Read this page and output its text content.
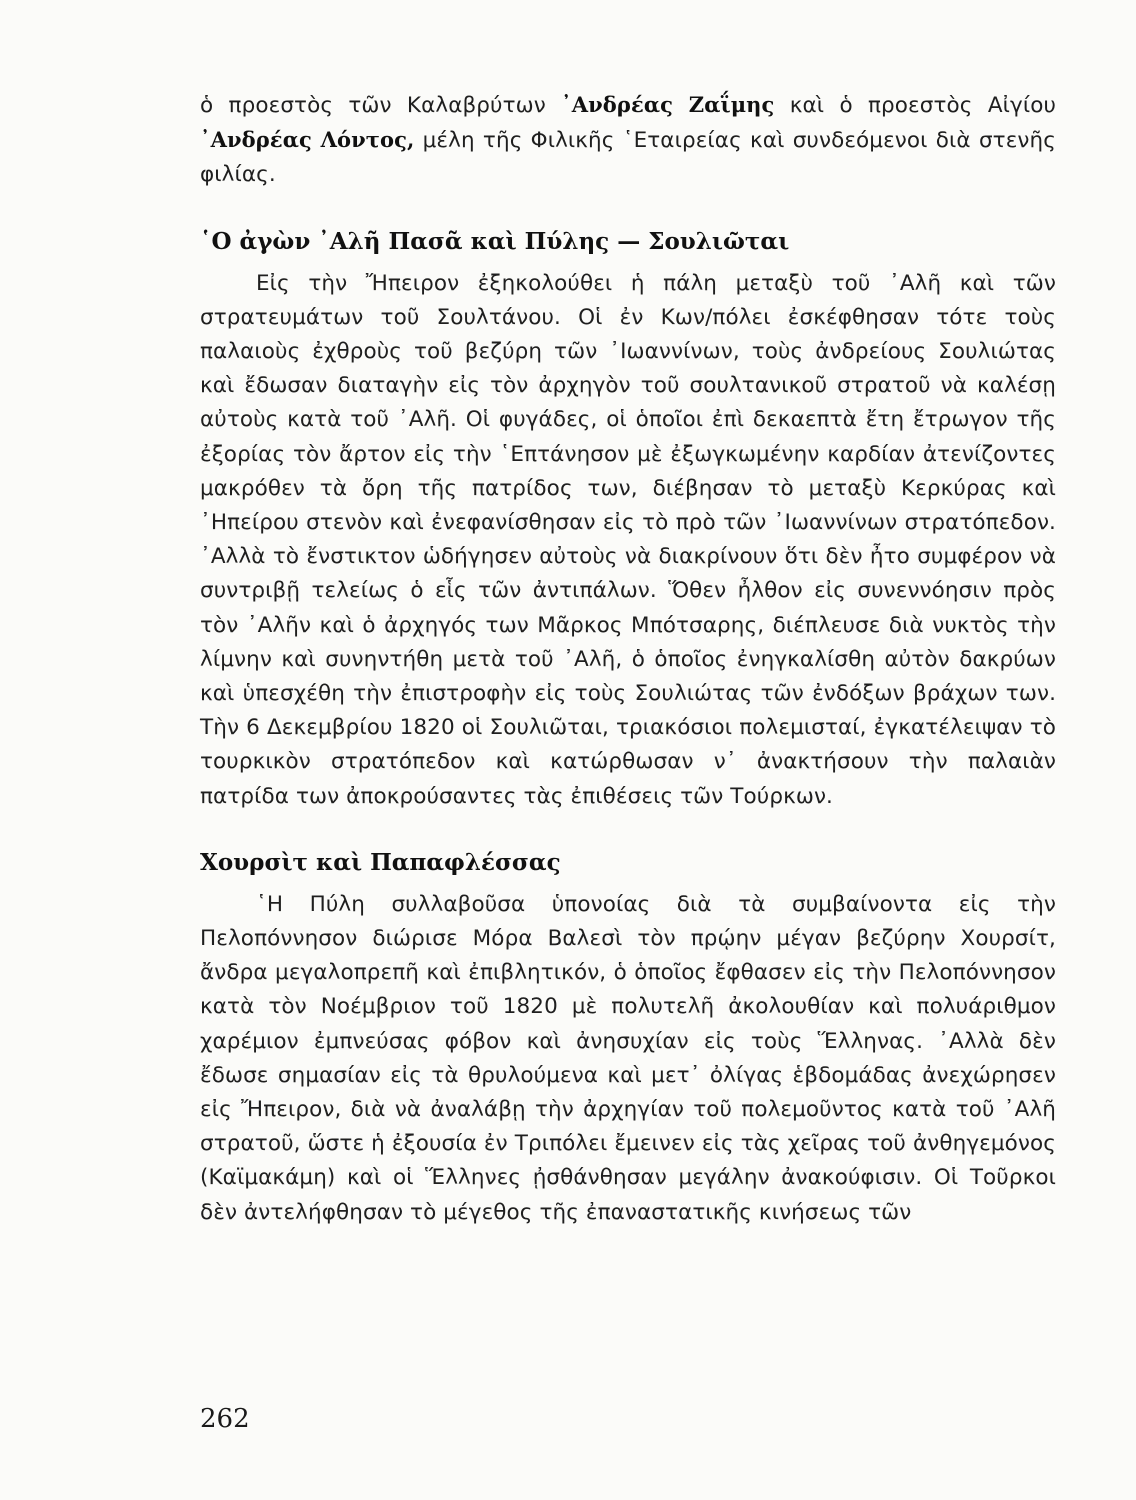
ὁ προεστὸς τῶν Καλαβρύτων ᾿Ανδρέας Ζαΐμης καὶ ὁ προεστὸς Αἰγίου ᾿Ανδρέας Λόντος, μέλη τῆς Φιλικῆς ῾Εταιρείας καὶ συνδεόμενοι διὰ στενῆς φιλίας.

῾Ο ἀγὼν ᾿Αλῆ Πασᾶ καὶ Πύλης — Σουλιῶται

Εἰς τὴν Ἤπειρον ἐξηκολούθει ἡ πάλη μεταξὺ τοῦ ᾿Αλῆ καὶ τῶν στρατευμάτων τοῦ Σουλτάνου. Οἱ ἐν Κων/πόλει ἐσκέφθησαν τότε τοὺς παλαιοὺς ἐχθροὺς τοῦ βεζύρη τῶν ᾿Ιωαννίνων, τοὺς ἀνδρείους Σουλιώτας καὶ ἔδωσαν διαταγὴν εἰς τὸν ἀρχηγὸν τοῦ σουλτανικοῦ στρατοῦ νὰ καλέσῃ αὐτοὺς κατὰ τοῦ ᾿Αλῆ. Οἱ φυγάδες, οἱ ὁποῖοι ἐπὶ δεκαεπτὰ ἔτη ἔτρωγον τῆς ἐξορίας τὸν ἄρτον εἰς τὴν ῾Επτάνησον μὲ ἐξωγκωμένην καρδίαν ἀτενίζοντες μακρόθεν τὰ ὄρη τῆς πατρίδος των, διέβησαν τὸ μεταξὺ Κερκύρας καὶ ᾿Ηπείρου στενὸν καὶ ἐνεφανίσθησαν εἰς τὸ πρὸ τῶν ᾿Ιωαννίνων στρατόπεδον. ᾿Αλλὰ τὸ ἔνστικτον ὡδήγησεν αὐτοὺς νὰ διακρίνουν ὅτι δὲν ἦτο συμφέρον νὰ συντριβῇ τελείως ὁ εἷς τῶν ἀντιπάλων. Ὅθεν ἦλθον εἰς συνεννόησιν πρὸς τὸν ᾿Αλῆν καὶ ὁ ἀρχηγός των Μᾶρκος Μπότσαρης, διέπλευσε διὰ νυκτὸς τὴν λίμνην καὶ συνηντήθη μετὰ τοῦ ᾿Αλῆ, ὁ ὁποῖος ἐνηγκαλίσθη αὐτὸν δακρύων καὶ ὑπεσχέθη τὴν ἐπιστροφὴν εἰς τοὺς Σουλιώτας τῶν ἐνδόξων βράχων των. Τὴν 6 Δεκεμβρίου 1820 οἱ Σουλιῶται, τριακόσιοι πολεμισταί, ἐγκατέλειψαν τὸ τουρκικὸν στρατόπεδον καὶ κατώρθωσαν ν᾿ ἀνακτήσουν τὴν παλαιὰν πατρίδα των ἀποκρούσαντες τὰς ἐπιθέσεις τῶν Τούρκων.

Χουρσὶτ καὶ Παπαφλέσσας

῾Η Πύλη συλλαβοῦσα ὑπονοίας διὰ τὰ συμβαίνοντα εἰς τὴν Πελοπόννησον διώρισε Μόρα Βαλεσὶ τὸν πρῴην μέγαν βεζύρην Χουρσίτ, ἄνδρα μεγαλοπρεπῆ καὶ ἐπιβλητικόν, ὁ ὁποῖος ἔφθασεν εἰς τὴν Πελοπόννησον κατὰ τὸν Νοέμβριον τοῦ 1820 μὲ πολυτελῆ ἀκολουθίαν καὶ πολυάριθμον χαρέμιον ἐμπνεύσας φόβον καὶ ἀνησυχίαν εἰς τοὺς Ἕλληνας. ᾿Αλλὰ δὲν ἔδωσε σημασίαν εἰς τὰ θρυλούμενα καὶ μετ᾿ ὀλίγας ἑβδομάδας ἀνεχώρησεν εἰς Ἤπειρον, διὰ νὰ ἀναλάβῃ τὴν ἀρχηγίαν τοῦ πολεμοῦντος κατὰ τοῦ ᾿Αλῆ στρατοῦ, ὥστε ἡ ἐξουσία ἐν Τριπόλει ἔμεινεν εἰς τὰς χεῖρας τοῦ ἀνθηγεμόνος (Καϊμακάμη) καὶ οἱ Ἕλληνες ᾐσθάνθησαν μεγάλην ἀνακούφισιν. Οἱ Τοῦρκοι δὲν ἀντελήφθησαν τὸ μέγεθος τῆς ἐπαναστατικῆς κινήσεως τῶν

262
